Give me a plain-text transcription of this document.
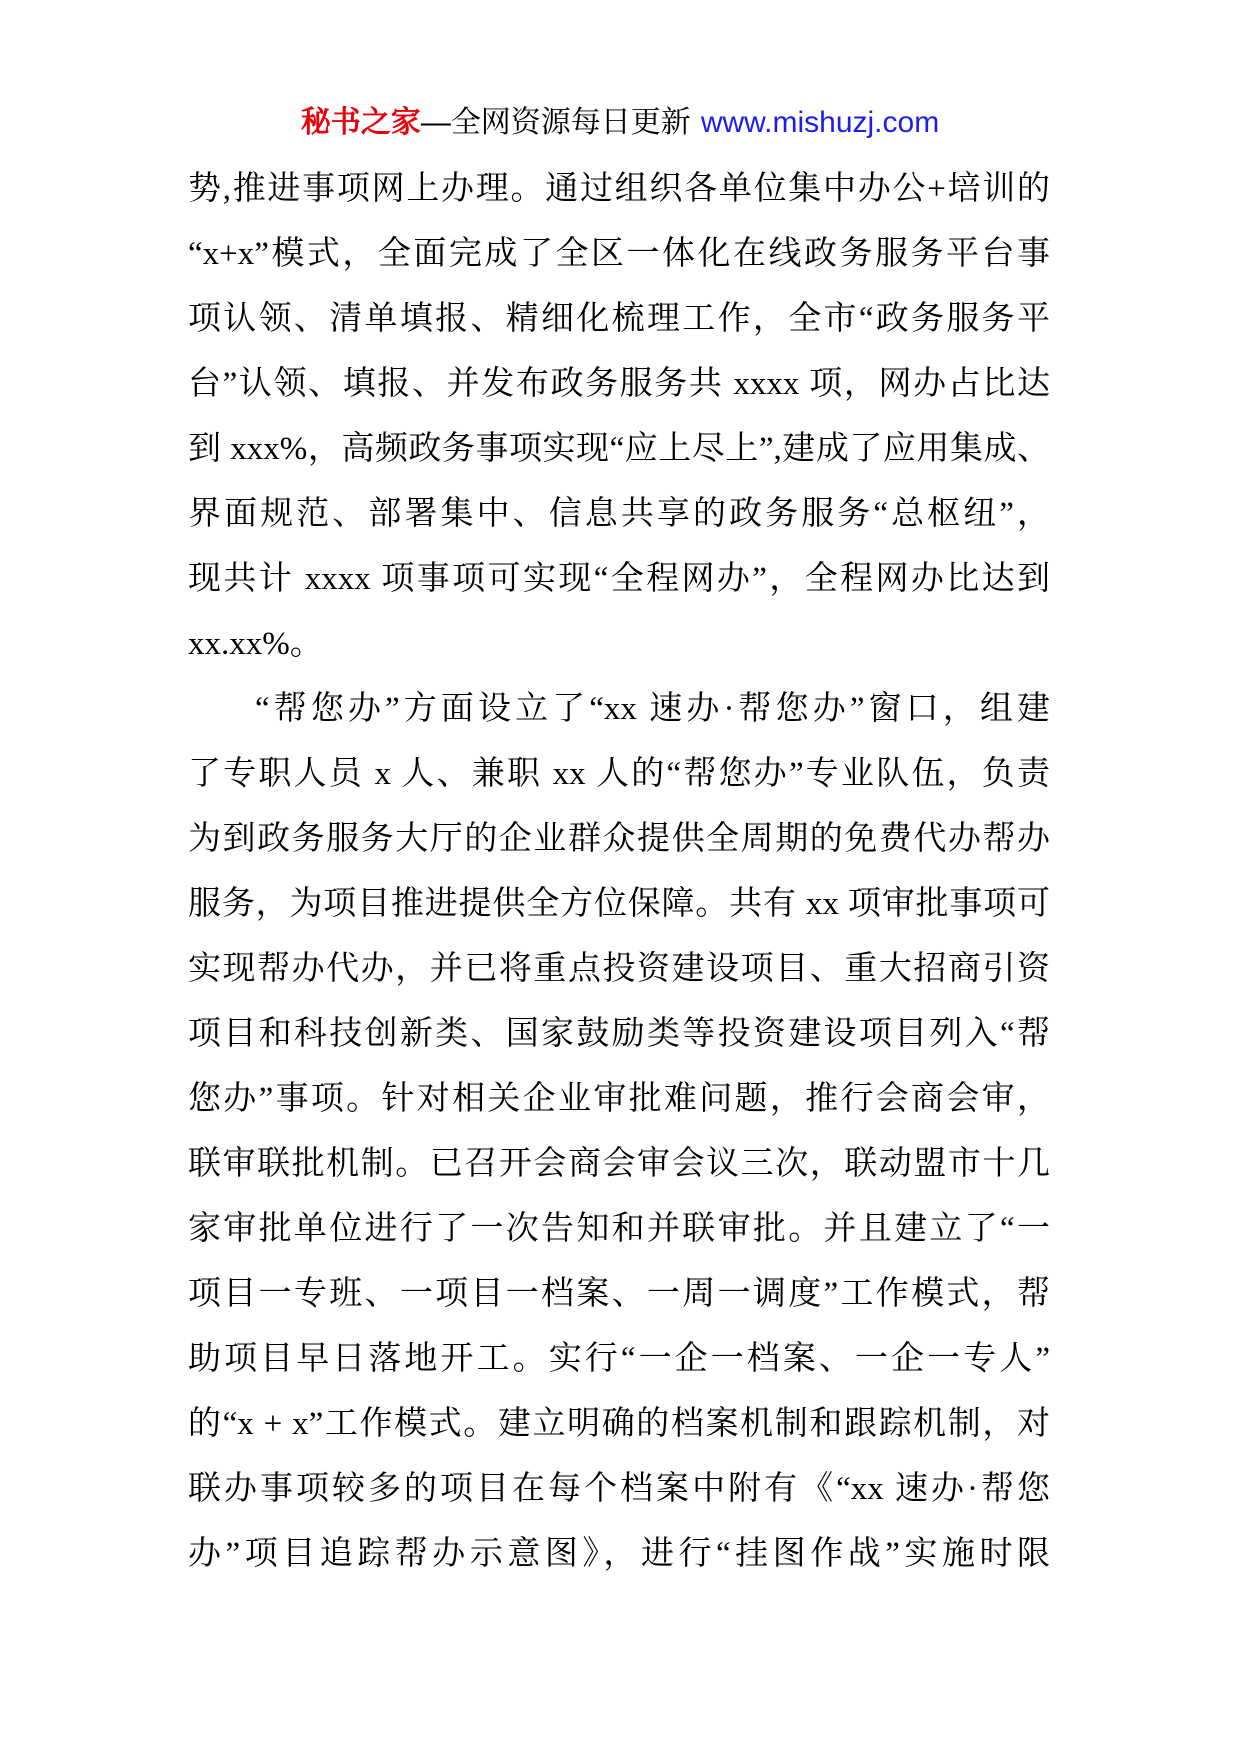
秘书之家—全网资源每日更新 www.mishuzj.com
势,推进事项网上办理。通过组织各单位集中办公+培训的
“x+x”模式，全面完成了全区一体化在线政务服务平台事
项认领、清单填报、精细化梳理工作，全市“政务服务平
台”认领、填报、并发布政务服务共 xxxx 项，网办占比达
到 xxx%，高频政务事项实现“应上尽上”,建成了应用集成、
界面规范、部署集中、信息共享的政务服务“总枢纽”，
现共计 xxxx 项事项可实现“全程网办”，全程网办比达到
xx.xx%。
“帮您办”方面设立了“xx 速办·帮您办”窗口，组建
了专职人员 x 人、兼职 xx 人的“帮您办”专业队伍，负责
为到政务服务大厅的企业群众提供全周期的免费代办帮办
服务，为项目推进提供全方位保障。共有 xx 项审批事项可
实现帮办代办，并已将重点投资建设项目、重大招商引资
项目和科技创新类、国家鼓励类等投资建设项目列入“帮
您办”事项。针对相关企业审批难问题，推行会商会审，
联审联批机制。已召开会商会审会议三次，联动盟市十几
家审批单位进行了一次告知和并联审批。并且建立了“一
项目一专班、一项目一档案、一周一调度”工作模式，帮
助项目早日落地开工。实行“一企一档案、一企一专人”
的“x + x”工作模式。建立明确的档案机制和跟踪机制，对
联办事项较多的项目在每个档案中附有《“xx 速办·帮您
办”项目追踪帮办示意图》，进行“挂图作战”实施时限
